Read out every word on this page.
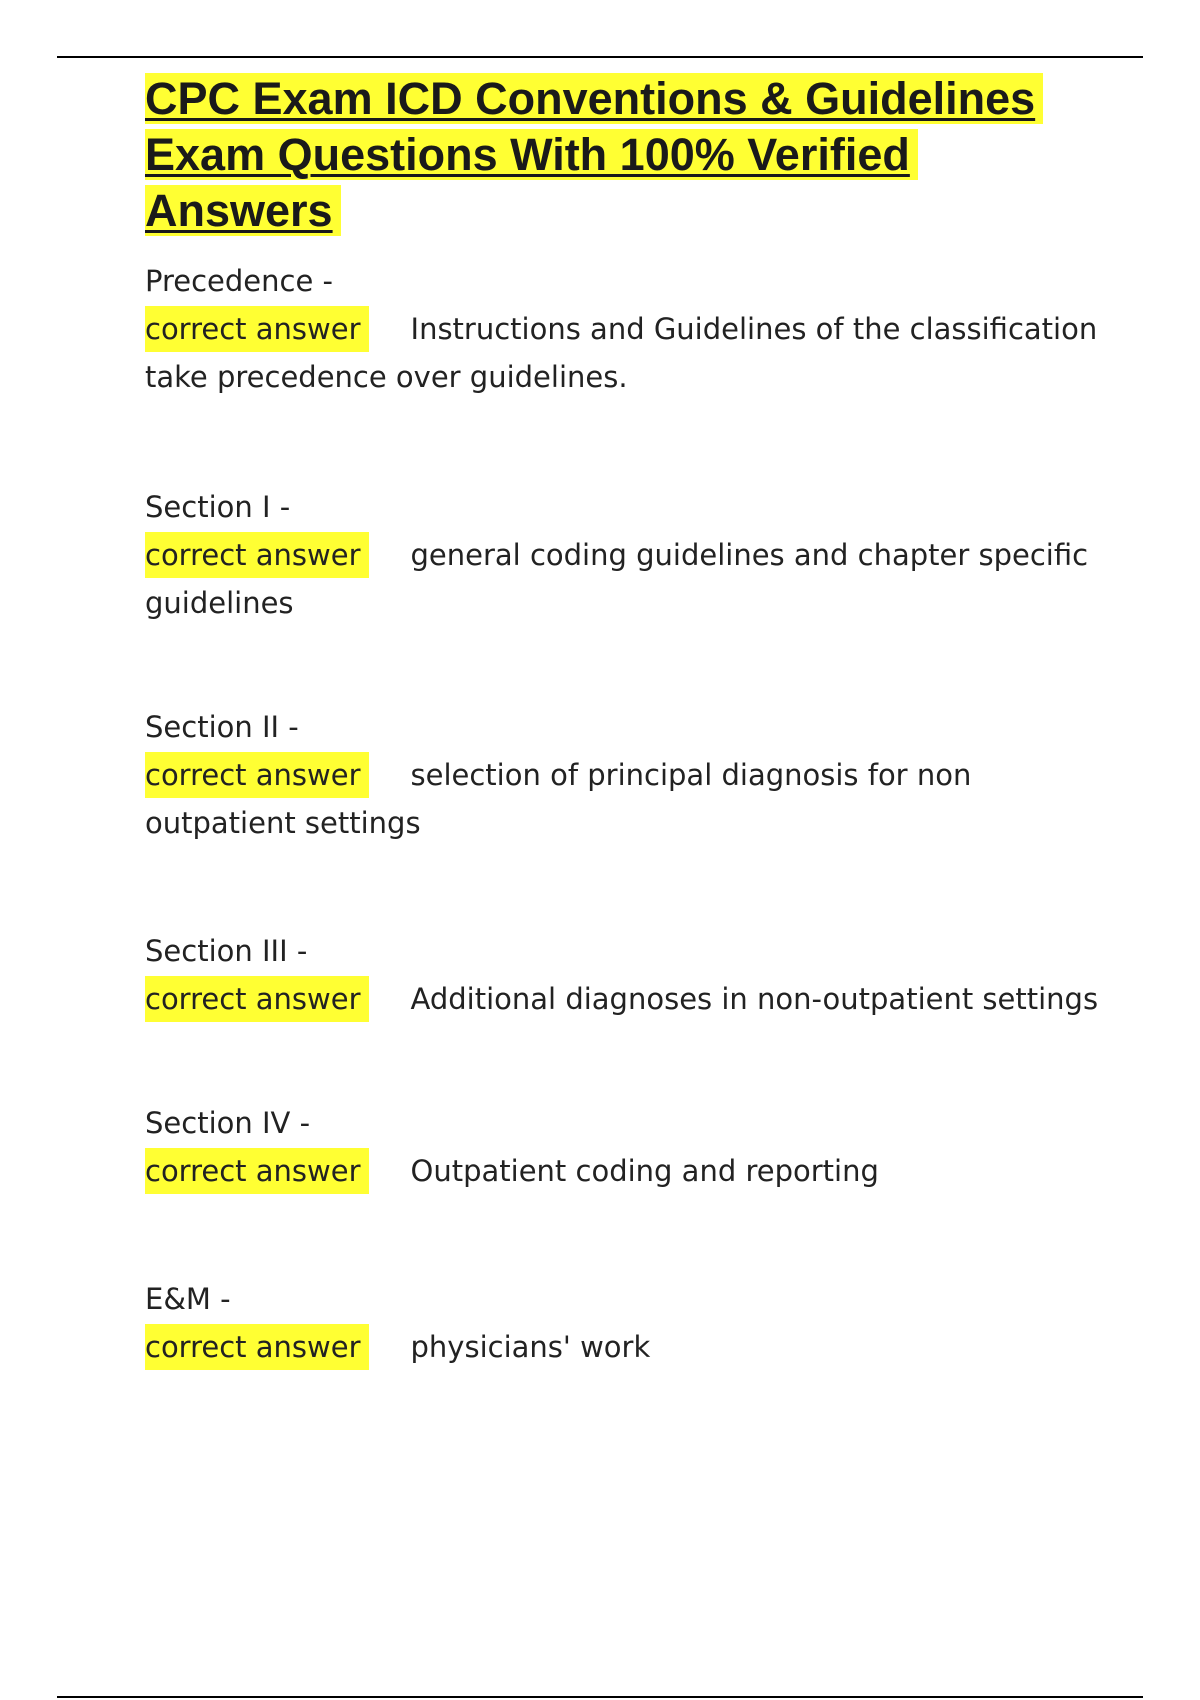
CPC Exam ICD Conventions & Guidelines Exam Questions With 100% Verified Answers
Precedence -
correct answer Instructions and Guidelines of the classification take precedence over guidelines.
Section I -
correct answer general coding guidelines and chapter specific guidelines
Section II -
correct answer selection of principal diagnosis for non outpatient settings
Section III -
correct answer Additional diagnoses in non-outpatient settings
Section IV -
correct answer Outpatient coding and reporting
E&M -
correct answer physicians' work
